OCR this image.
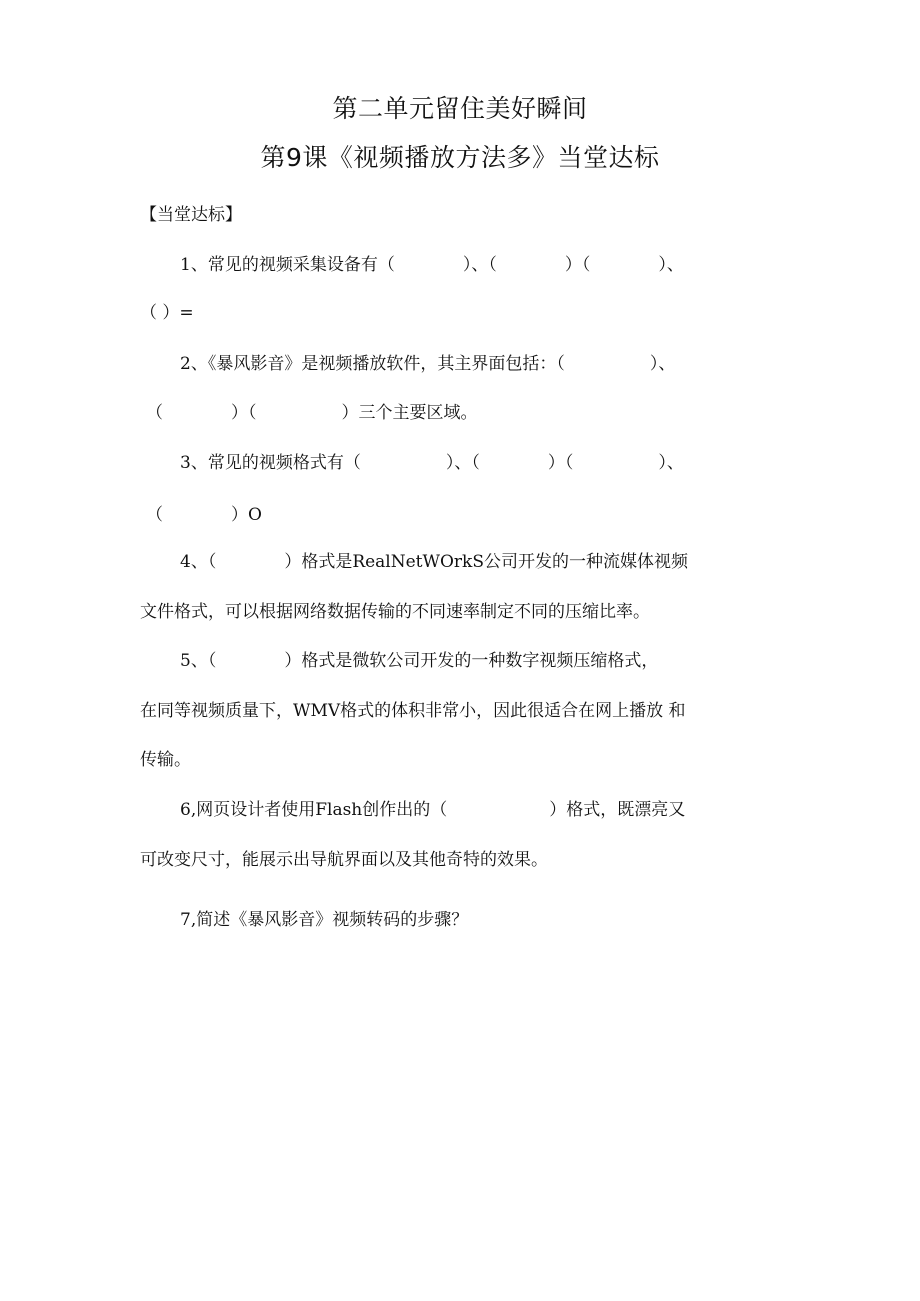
第二单元留住美好瞬间
第9课《视频播放方法多》当堂达标
【当堂达标】
1、常见的视频采集设备有（　　　　）、（　　　　）（　　　　）、
（ ）=
2、《暴风影音》是视频播放软件，其主界面包括：（　　　　　）、
（　　　　）（　　　　　）三个主要区域。
3、常见的视频格式有（　　　　　）、（　　　　）（　　　　　）、
（　　　　）O
4、（　　　　）格式是RealNetWOrkS公司开发的一种流媒体视频
文件格式，可以根据网络数据传输的不同速率制定不同的压缩比率。
5、（　　　　）格式是微软公司开发的一种数字视频压缩格式，
在同等视频质量下，WMV格式的体积非常小，因此很适合在网上播放 和
传输。
6,网页设计者使用Flash创作出的（　　　　　　）格式，既漂亮又
可改变尺寸，能展示出导航界面以及其他奇特的效果。
7,简述《暴风影音》视频转码的步骤？
